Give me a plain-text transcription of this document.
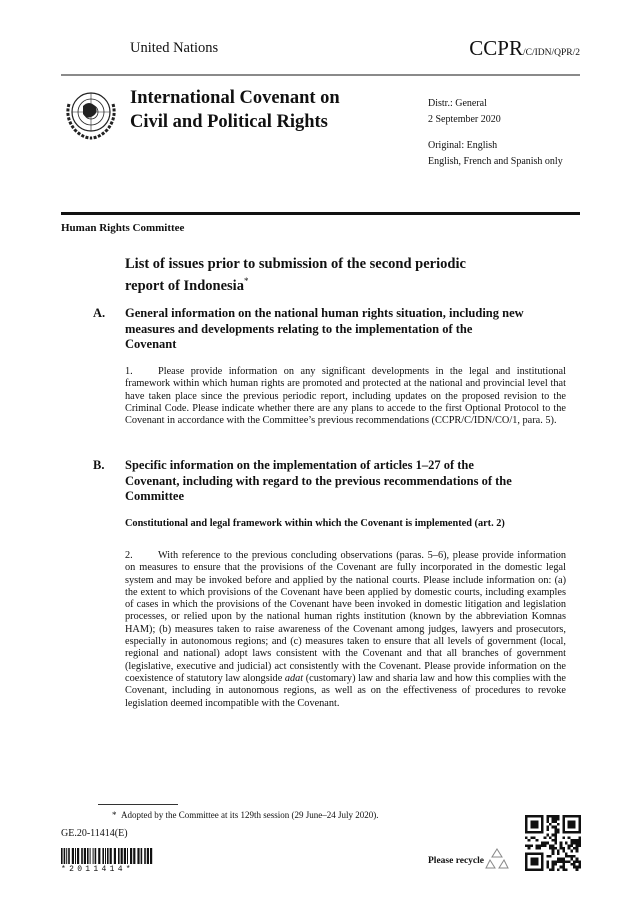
United Nations	CCPR/C/IDN/QPR/2
International Covenant on
Civil and Political Rights
Distr.: General
2 September 2020
Original: English
English, French and Spanish only
Human Rights Committee
List of issues prior to submission of the second periodic report of Indonesia*
A. General information on the national human rights situation, including new measures and developments relating to the implementation of the Covenant
1. Please provide information on any significant developments in the legal and institutional framework within which human rights are promoted and protected at the national and provincial level that have taken place since the previous periodic report, including updates on the proposed revision to the Criminal Code. Please indicate whether there are any plans to accede to the first Optional Protocol to the Covenant in accordance with the Committee’s previous recommendations (CCPR/C/IDN/CO/1, para. 5).
B. Specific information on the implementation of articles 1–27 of the Covenant, including with regard to the previous recommendations of the Committee
Constitutional and legal framework within which the Covenant is implemented (art. 2)
2. With reference to the previous concluding observations (paras. 5–6), please provide information on measures to ensure that the provisions of the Covenant are fully incorporated in the domestic legal system and may be invoked before and applied by the national courts. Please include information on: (a) the extent to which provisions of the Covenant have been applied by domestic courts, including examples of cases in which the provisions of the Covenant have been invoked in domestic litigation and legislation processes, or relied upon by the national human rights institution (known by the abbreviation Komnas HAM); (b) measures taken to raise awareness of the Covenant among judges, lawyers and prosecutors, especially in autonomous regions; and (c) measures taken to ensure that all levels of government (local, regional and national) adopt laws consistent with the Covenant and that all branches of government (legislative, executive and judicial) act consistently with the Covenant. Please provide information on the coexistence of statutory law alongside adat (customary) law and sharia law and how this complies with the Covenant, including in autonomous regions, as well as on the effectiveness of procedures to revoke legislation deemed incompatible with the Covenant.
* Adopted by the Committee at its 129th session (29 June–24 July 2020).
GE.20-11414(E)
*2011414*
Please recycle
